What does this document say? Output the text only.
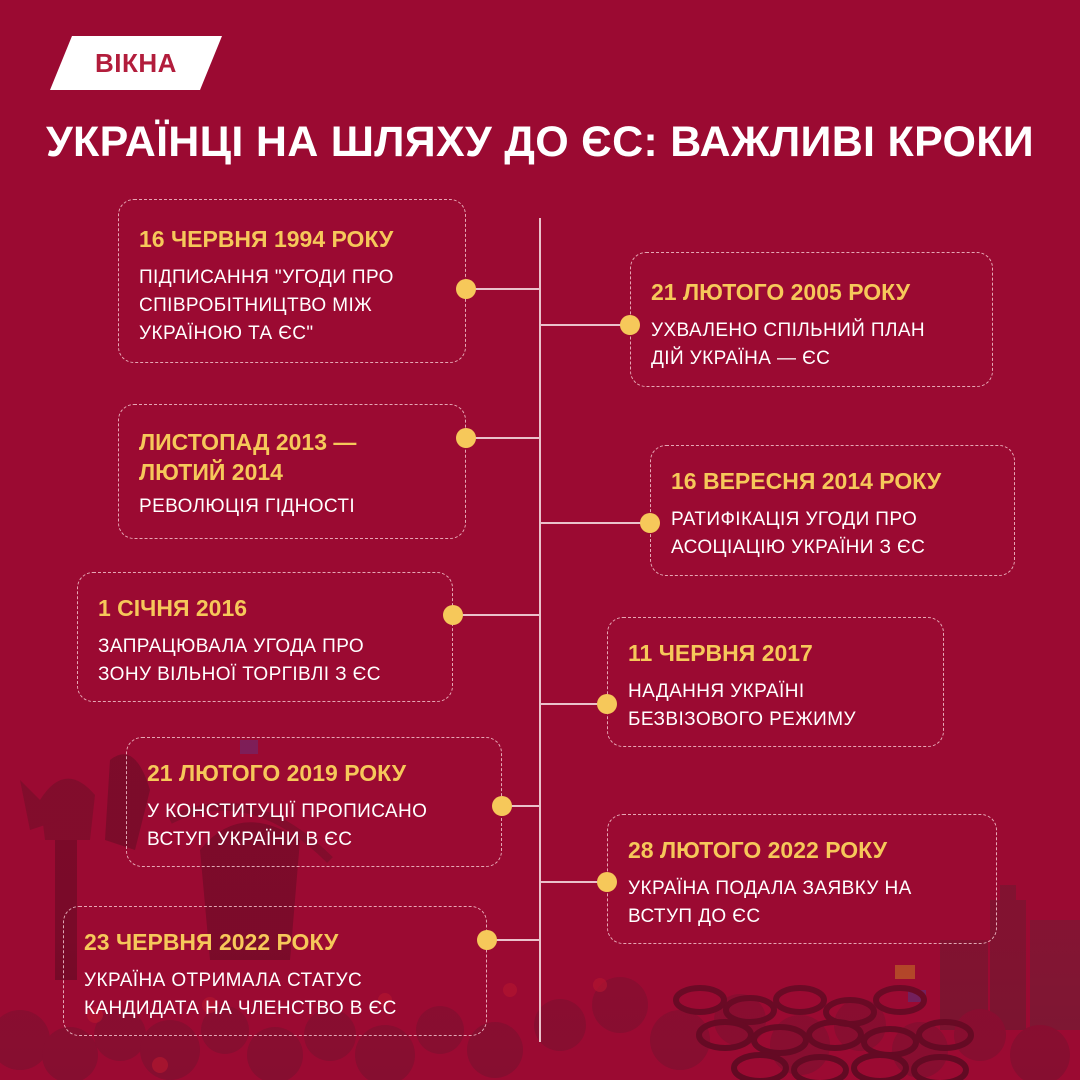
ВІКНА
УКРАЇНЦІ НА ШЛЯХУ ДО ЄС: ВАЖЛИВІ КРОКИ
16 ЧЕРВНЯ 1994 РОКУ
ПІДПИСАННЯ "УГОДИ ПРО
СПІВРОБІТНИЦТВО МІЖ
УКРАЇНОЮ ТА ЄС"
21 ЛЮТОГО 2005 РОКУ
УХВАЛЕНО СПІЛЬНИЙ ПЛАН
ДІЙ УКРАЇНА — ЄС
ЛИСТОПАД 2013 —
ЛЮТИЙ 2014
РЕВОЛЮЦІЯ ГІДНОСТІ
16 ВЕРЕСНЯ 2014 РОКУ
РАТИФІКАЦІЯ УГОДИ ПРО
АСОЦІАЦІЮ УКРАЇНИ З ЄС
1 СІЧНЯ 2016
ЗАПРАЦЮВАЛА УГОДА ПРО
ЗОНУ ВІЛЬНОЇ ТОРГІВЛІ З ЄС
11 ЧЕРВНЯ 2017
НАДАННЯ УКРАЇНІ
БЕЗВІЗОВОГО РЕЖИМУ
21 ЛЮТОГО 2019 РОКУ
У КОНСТИТУЦІЇ ПРОПИСАНО
ВСТУП УКРАЇНИ В ЄС	28 ЛЮТОГО 2022 РОКУ
УКРАЇНА ПОДАЛА ЗАЯВКУ НА
ВСТУП ДО ЄС
23 ЧЕРВНЯ 2022 РОКУ
УКРАЇНА ОТРИМАЛА СТАТУС
КАНДИДАТА НА ЧЛЕНСТВО В ЄС
